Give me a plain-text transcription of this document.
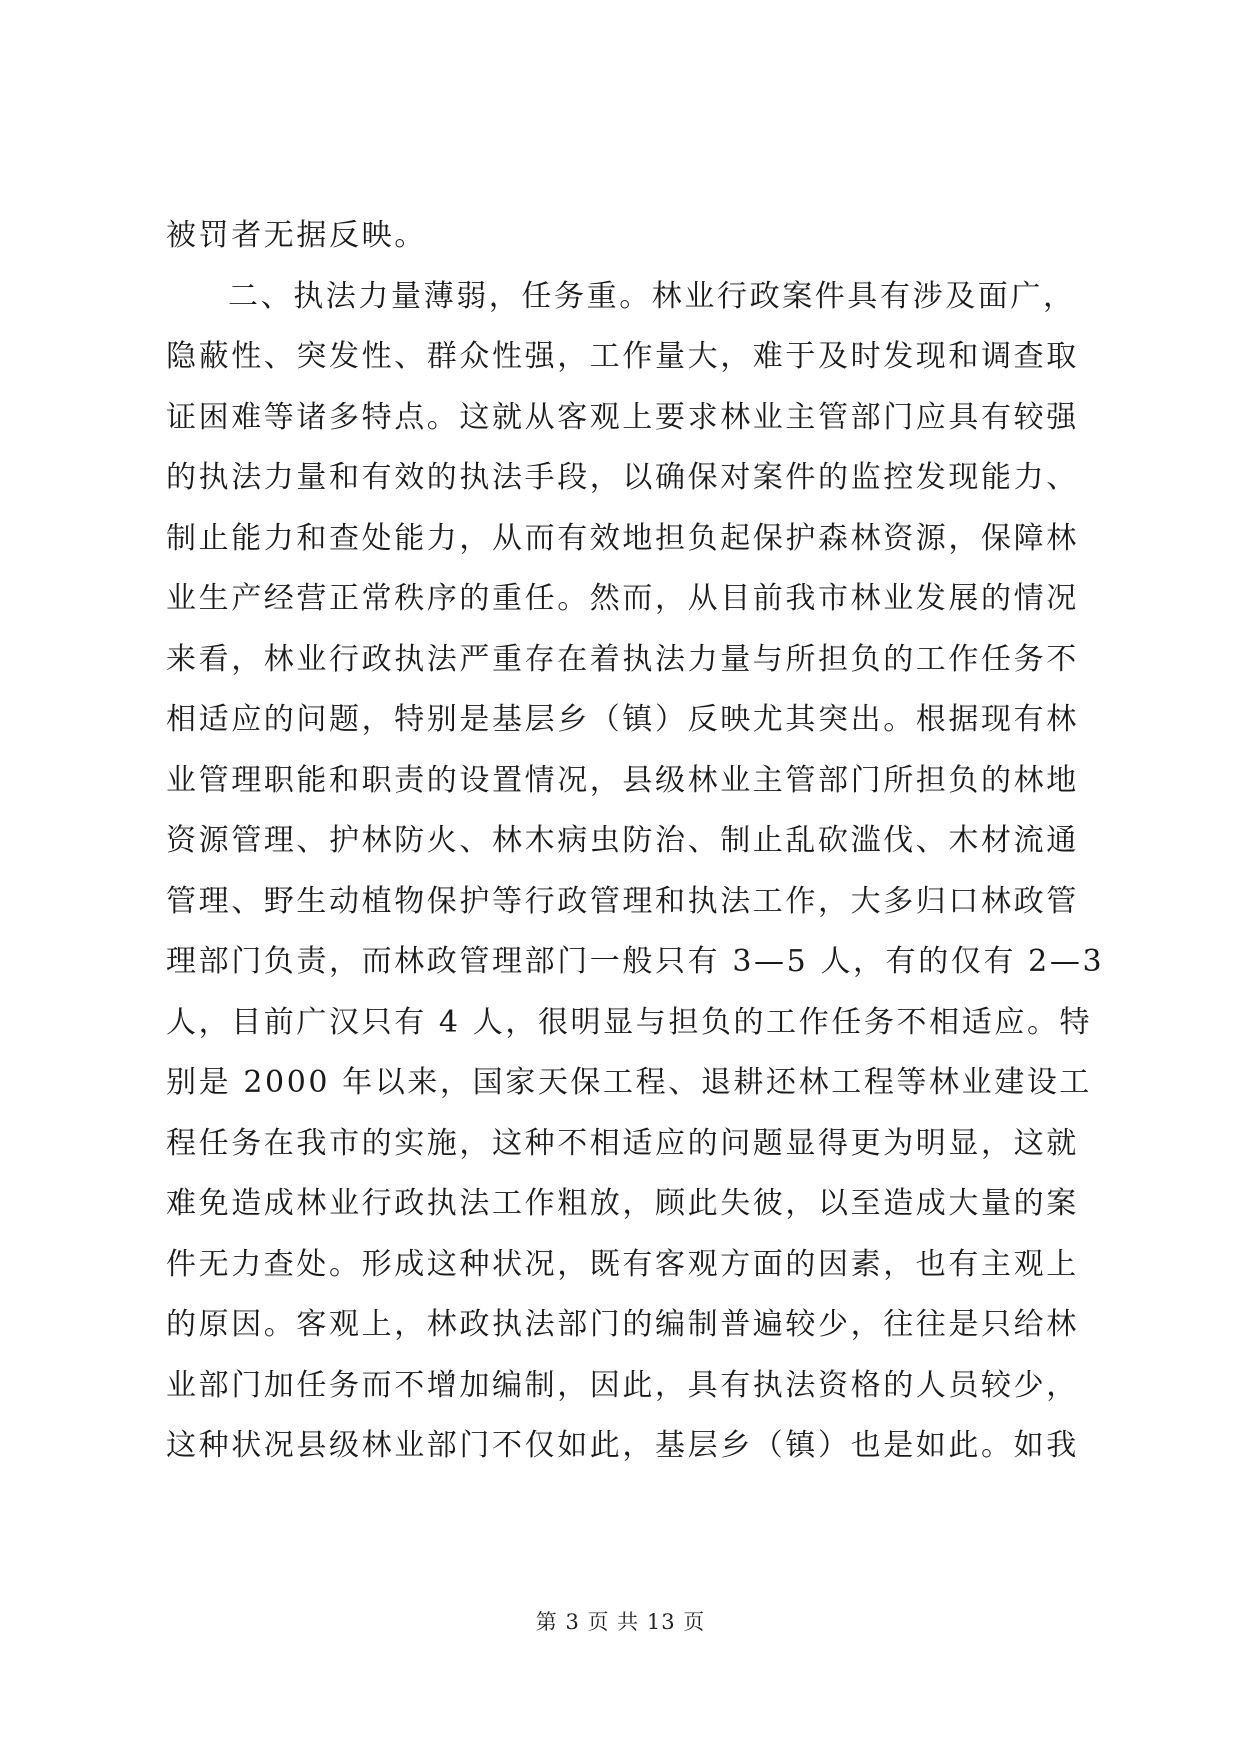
被罚者无据反映。
二、执法力量薄弱，任务重。林业行政案件具有涉及面广，
隐蔽性、突发性、群众性强，工作量大，难于及时发现和调查取
证困难等诸多特点。这就从客观上要求林业主管部门应具有较强
的执法力量和有效的执法手段，以确保对案件的监控发现能力、
制止能力和查处能力，从而有效地担负起保护森林资源，保障林
业生产经营正常秩序的重任。然而，从目前我市林业发展的情况
来看，林业行政执法严重存在着执法力量与所担负的工作任务不
相适应的问题，特别是基层乡（镇）反映尤其突出。根据现有林
业管理职能和职责的设置情况，县级林业主管部门所担负的林地
资源管理、护林防火、林木病虫防治、制止乱砍滥伐、木材流通
管理、野生动植物保护等行政管理和执法工作，大多归口林政管
理部门负责，而林政管理部门一般只有 3—5 人，有的仅有 2—3
人，目前广汉只有 4 人，很明显与担负的工作任务不相适应。特
别是 2000 年以来，国家天保工程、退耕还林工程等林业建设工
程任务在我市的实施，这种不相适应的问题显得更为明显，这就
难免造成林业行政执法工作粗放，顾此失彼，以至造成大量的案
件无力查处。形成这种状况，既有客观方面的因素，也有主观上
的原因。客观上，林政执法部门的编制普遍较少，往往是只给林
业部门加任务而不增加编制，因此，具有执法资格的人员较少，
这种状况县级林业部门不仅如此，基层乡（镇）也是如此。如我
第 3 页 共 13 页
